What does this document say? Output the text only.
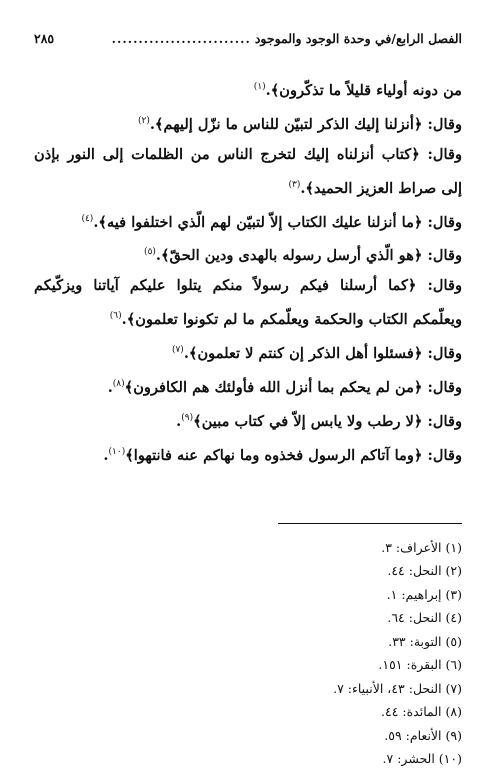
الفصل الرابع/في وحدة الوجود والموجود
..........................
٢٨٥
من دونه أولياء قليلاً ما تذكّرون﴾.$^{(١)}$
وقال: ﴿أنزلنا إليك الذكر لتبيّن للناس ما نزّل إليهم﴾.$^{(٢)}$
وقال: ﴿كتاب أنزلناه إليك لتخرج الناس من الظلمات إلى النور بإذن
إلى صراط العزيز الحميد﴾.$^{(٣)}$
وقال: ﴿ما أنزلنا عليك الكتاب إلاّ لتبيّن لهم الّذي اختلفوا فيه﴾.$^{(٤)}$
وقال: ﴿هو الّذي أرسل رسوله بالهدى ودين الحقّ﴾.$^{(٥)}$
وقال: ﴿كما أرسلنا فيكم رسولاً منكم يتلوا عليكم آياتنا ويزكّيكم
ويعلّمكم الكتاب والحكمة ويعلّمكم ما لم تكونوا تعلمون﴾.$^{(٦)}$
وقال: ﴿فسئلوا أهل الذكر إن كنتم لا تعلمون﴾.$^{(٧)}$
وقال: ﴿من لم يحكم بما أنزل الله فأولئك هم الكافرون﴾$^{(٨)}$.
وقال: ﴿لا رطب ولا يابس إلاّ في كتاب مبين﴾$^{(٩)}$.
وقال: ﴿وما آتاكم الرسول فخذوه وما نهاكم عنه فانتهوا﴾$^{(١٠)}$.
(١) الأعراف: ٣.
(٢) النحل: ٤٤.
(٣) إبراهيم: ١.
(٤) النحل: ٦٤.
(٥) التوبة: ٣٣.
(٦) البقرة: ١٥١.
(٧) النحل: ٤٣، الأنبياء: ٧.
(٨) المائدة: ٤٤.
(٩) الأنعام: ٥٩.
(١٠) الحشر: ٧.
